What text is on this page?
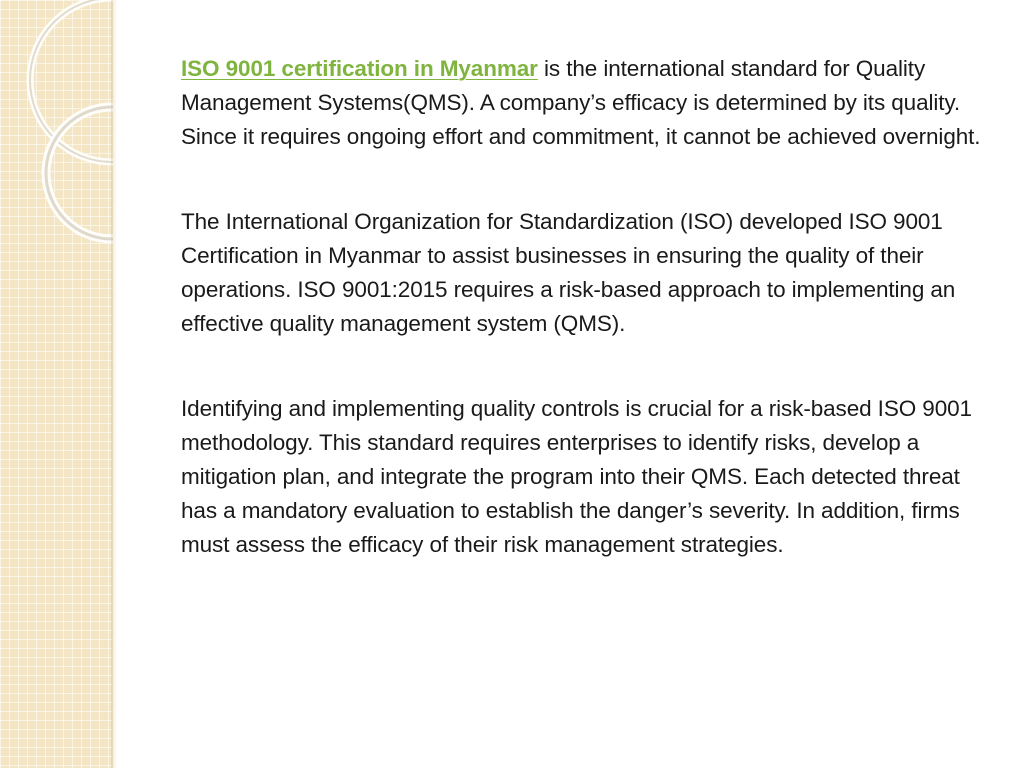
ISO 9001 certification in Myanmar is the international standard for Quality Management Systems(QMS). A company’s efficacy is determined by its quality. Since it requires ongoing effort and commitment, it cannot be achieved overnight.

The International Organization for Standardization (ISO) developed ISO 9001 Certification in Myanmar to assist businesses in ensuring the quality of their operations. ISO 9001:2015 requires a risk-based approach to implementing an effective quality management system (QMS).

Identifying and implementing quality controls is crucial for a risk-based ISO 9001 methodology. This standard requires enterprises to identify risks, develop a mitigation plan, and integrate the program into their QMS. Each detected threat has a mandatory evaluation to establish the danger’s severity. In addition, firms must assess the efficacy of their risk management strategies.
